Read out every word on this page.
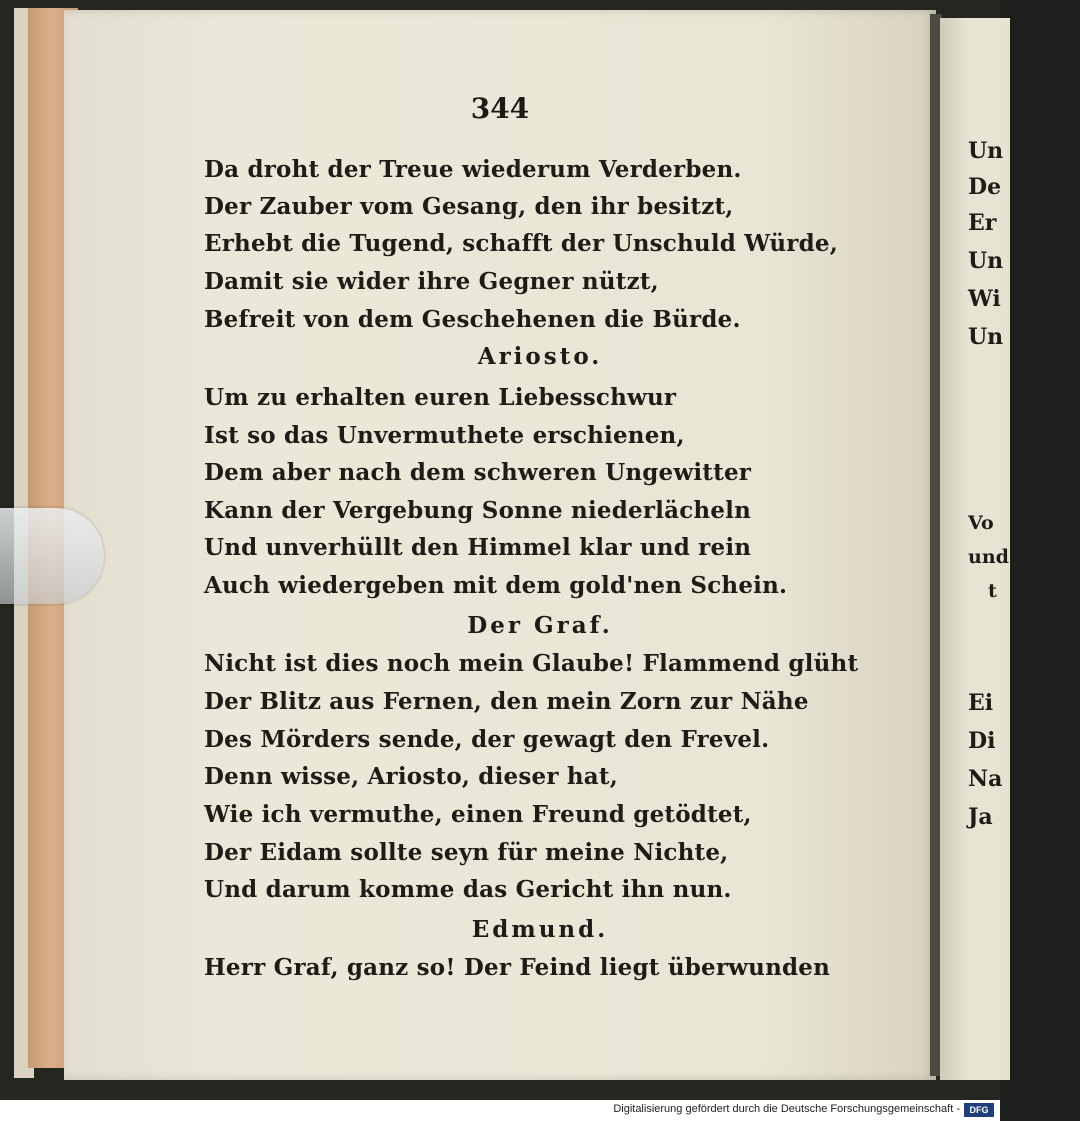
Un
De
Er
Un
Wi
Un
Vo
und
t
Ei
Di
Na
Ja
344
Da droht der Treue wiederum Verderben.
Der Zauber vom Gesang, den ihr besitzt,
Erhebt die Tugend, schafft der Unschuld Würde,
Damit sie wider ihre Gegner nützt,
Befreit von dem Geschehenen die Bürde.
Ariosto.
Um zu erhalten euren Liebesschwur
Ist so das Unvermuthete erschienen,
Dem aber nach dem schweren Ungewitter
Kann der Vergebung Sonne niederlächeln
Und unverhüllt den Himmel klar und rein
Auch wiedergeben mit dem gold'nen Schein.
Der Graf.
Nicht ist dies noch mein Glaube! Flammend glüht
Der Blitz aus Fernen, den mein Zorn zur Nähe
Des Mörders sende, der gewagt den Frevel.
Denn wisse, Ariosto, dieser hat,
Wie ich vermuthe, einen Freund getödtet,
Der Eidam sollte seyn für meine Nichte,
Und darum komme das Gericht ihn nun.
Edmund.
Herr Graf, ganz so! Der Feind liegt überwunden
Digitalisierung gefördert durch die Deutsche Forschungsgemeinschaft -	DFG
